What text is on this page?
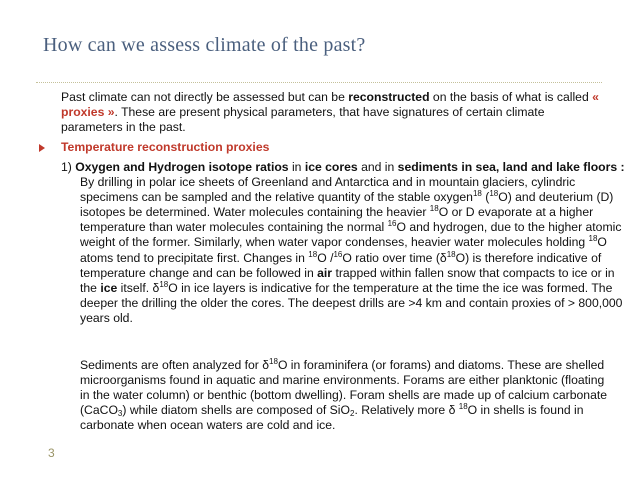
How can we assess climate of the past?
Past climate can not directly be assessed but can be reconstructed on the basis of what is called « proxies ». These are present physical parameters, that have signatures of certain climate parameters in the past.
Temperature reconstruction proxies
1) Oxygen and Hydrogen isotope ratios in ice cores and in sediments in sea, land and lake floors : By drilling in polar ice sheets of Greenland and Antarctica and in mountain glaciers, cylindric specimens can be sampled and the relative quantity of the stable oxygen$^{18}$ ($^{18}$O) and deuterium (D) isotopes be determined. Water molecules containing the heavier $^{18}$O or D evaporate at a higher temperature than water molecules containing the normal $^{16}$O and hydrogen, due to the higher atomic weight of the former. Similarly, when water vapor condenses, heavier water molecules holding $^{18}$O atoms tend to precipitate first. Changes in $^{18}$O /$^{16}$O ratio over time $(\delta^{18}O)$ is therefore indicative of temperature change and can be followed in air trapped within fallen snow that compacts to ice or in the ice itself. $\delta^{18}O$ in ice layers is indicative for the temperature at the time the ice was formed. The deeper the drilling the older the cores. The deepest drills are >4 km and contain proxies of > 800,000 years old.
Sediments are often analyzed for $\delta^{18}O$ in foraminifera (or forams) and diatoms. These are shelled microorganisms found in aquatic and marine environments. Forams are either planktonic (floating in the water column) or benthic (bottom dwelling). Foram shells are made up of calcium carbonate (CaCO$_3$) while diatom shells are composed of SiO$_2$. Relatively more δ $^{18}$O in shells is found in carbonate when ocean waters are cold and ice.
3
